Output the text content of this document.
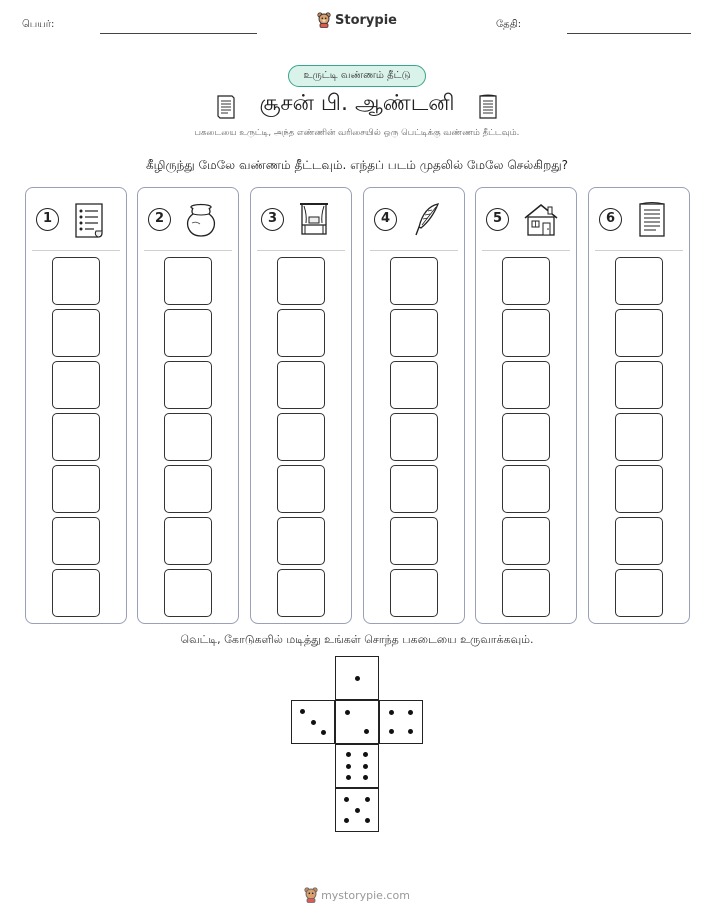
பெயர்:	தேதி:
Storypie
உருட்டி வண்ணம் தீட்டு
சூசன் பி. ஆண்டனி
பகடையை உருட்டி, அந்த எண்ணின் வரிசையில் ஒரு பெட்டிக்கு வண்ணம் தீட்டவும்.
கீழிருந்து மேலே வண்ணம் தீட்டவும். எந்தப் படம் முதலில் மேலே செல்கிறது?
1	2	3	4	5	6
வெட்டி, கோடுகளில் மடித்து உங்கள் சொந்த பகடையை உருவாக்கவும்.
mystorypie.com
